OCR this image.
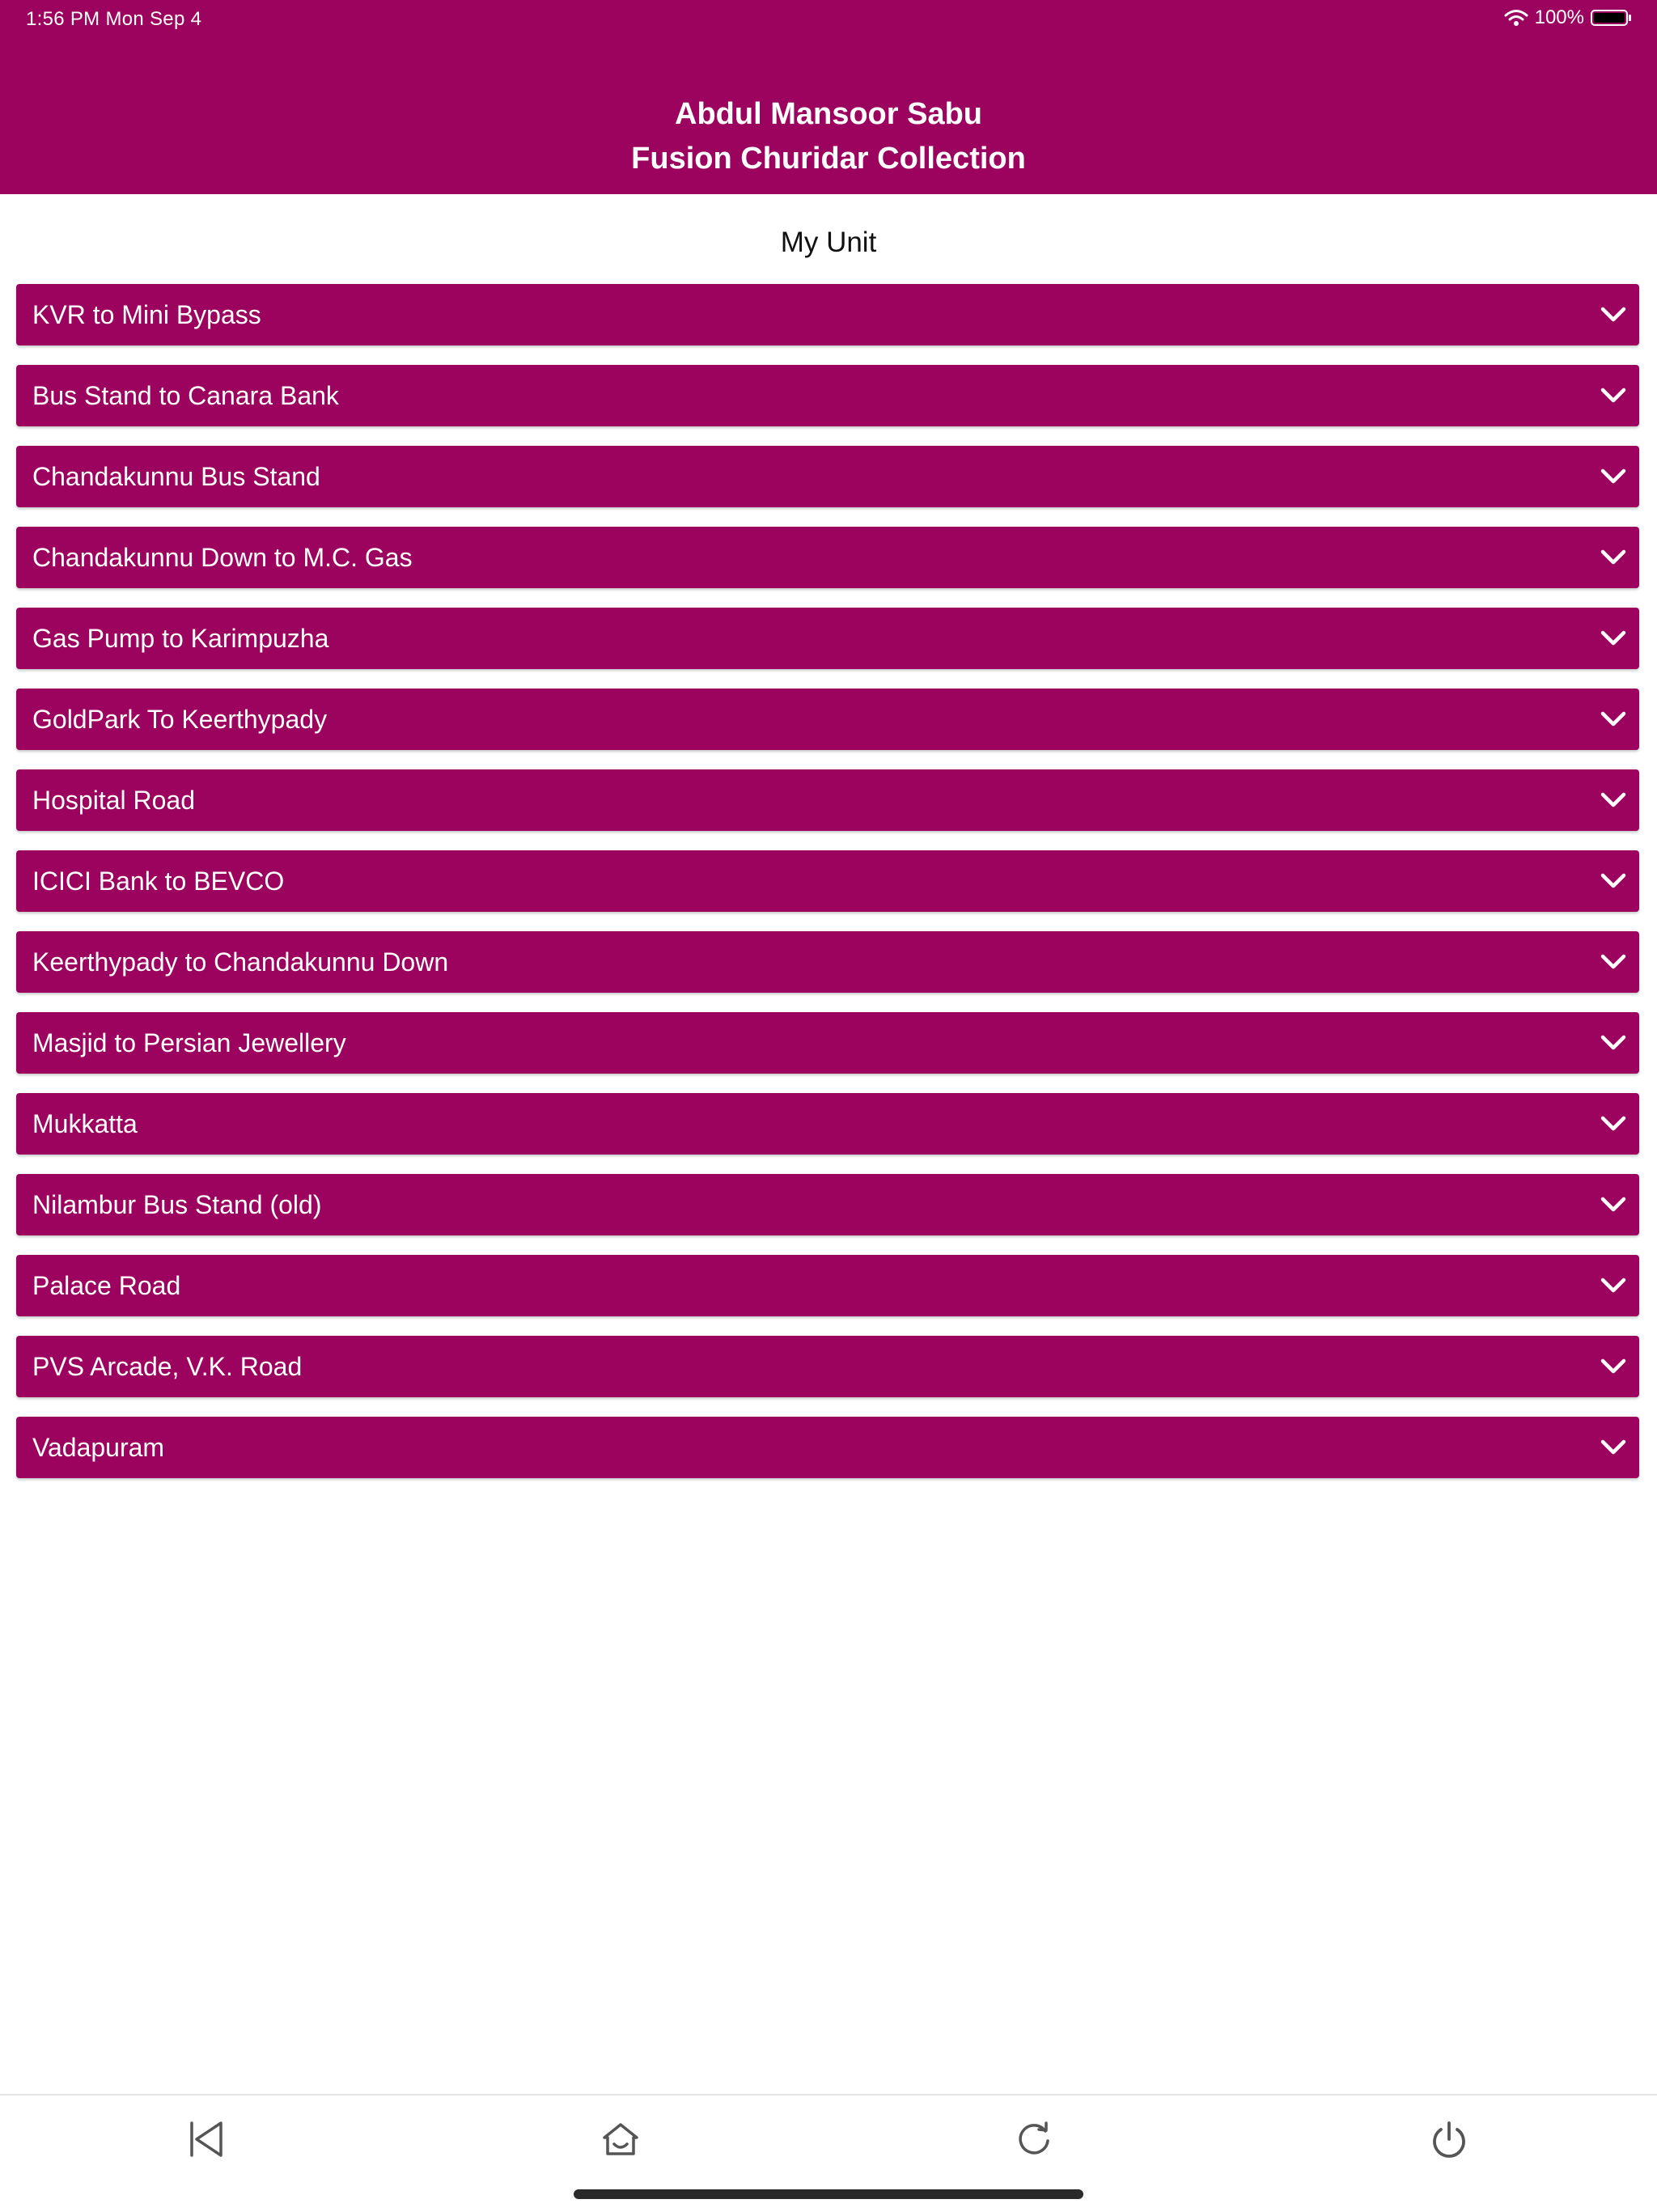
1:56 PM Mon Sep 4	100%
Abdul Mansoor Sabu
Fusion Churidar Collection
My Unit
KVR to Mini Bypass
Bus Stand to Canara Bank
Chandakunnu Bus Stand
Chandakunnu Down to M.C. Gas
Gas Pump to Karimpuzha
GoldPark To Keerthypady
Hospital Road
ICICI Bank to BEVCO
Keerthypady to Chandakunnu Down
Masjid to Persian Jewellery
Mukkatta
Nilambur Bus Stand (old)
Palace Road
PVS Arcade, V.K. Road
Vadapuram
